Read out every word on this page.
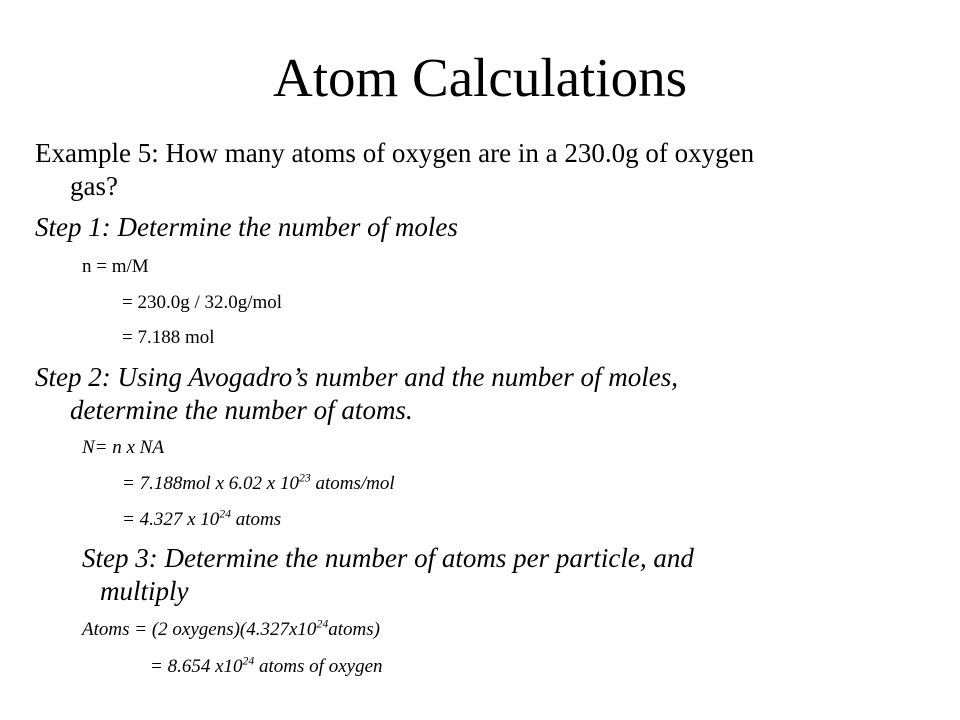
Atom Calculations
Example 5: How many atoms of oxygen are in a 230.0g of oxygen
gas?
Step 1: Determine the number of moles
n = m/M
= 230.0g / 32.0g/mol
= 7.188 mol
Step 2: Using Avogadro’s number and the number of moles,
determine the number of atoms.
N= n x NA
= 7.188mol x 6.02 x $10^{23}$ atoms/mol
= 4.327 x $10^{24}$ atoms
Step 3: Determine the number of atoms per particle, and
multiply
Atoms = (2 $oxygens)(4.327x10^{24}atoms)$
= 8.654 $x10^{24}$ atoms of oxygen
